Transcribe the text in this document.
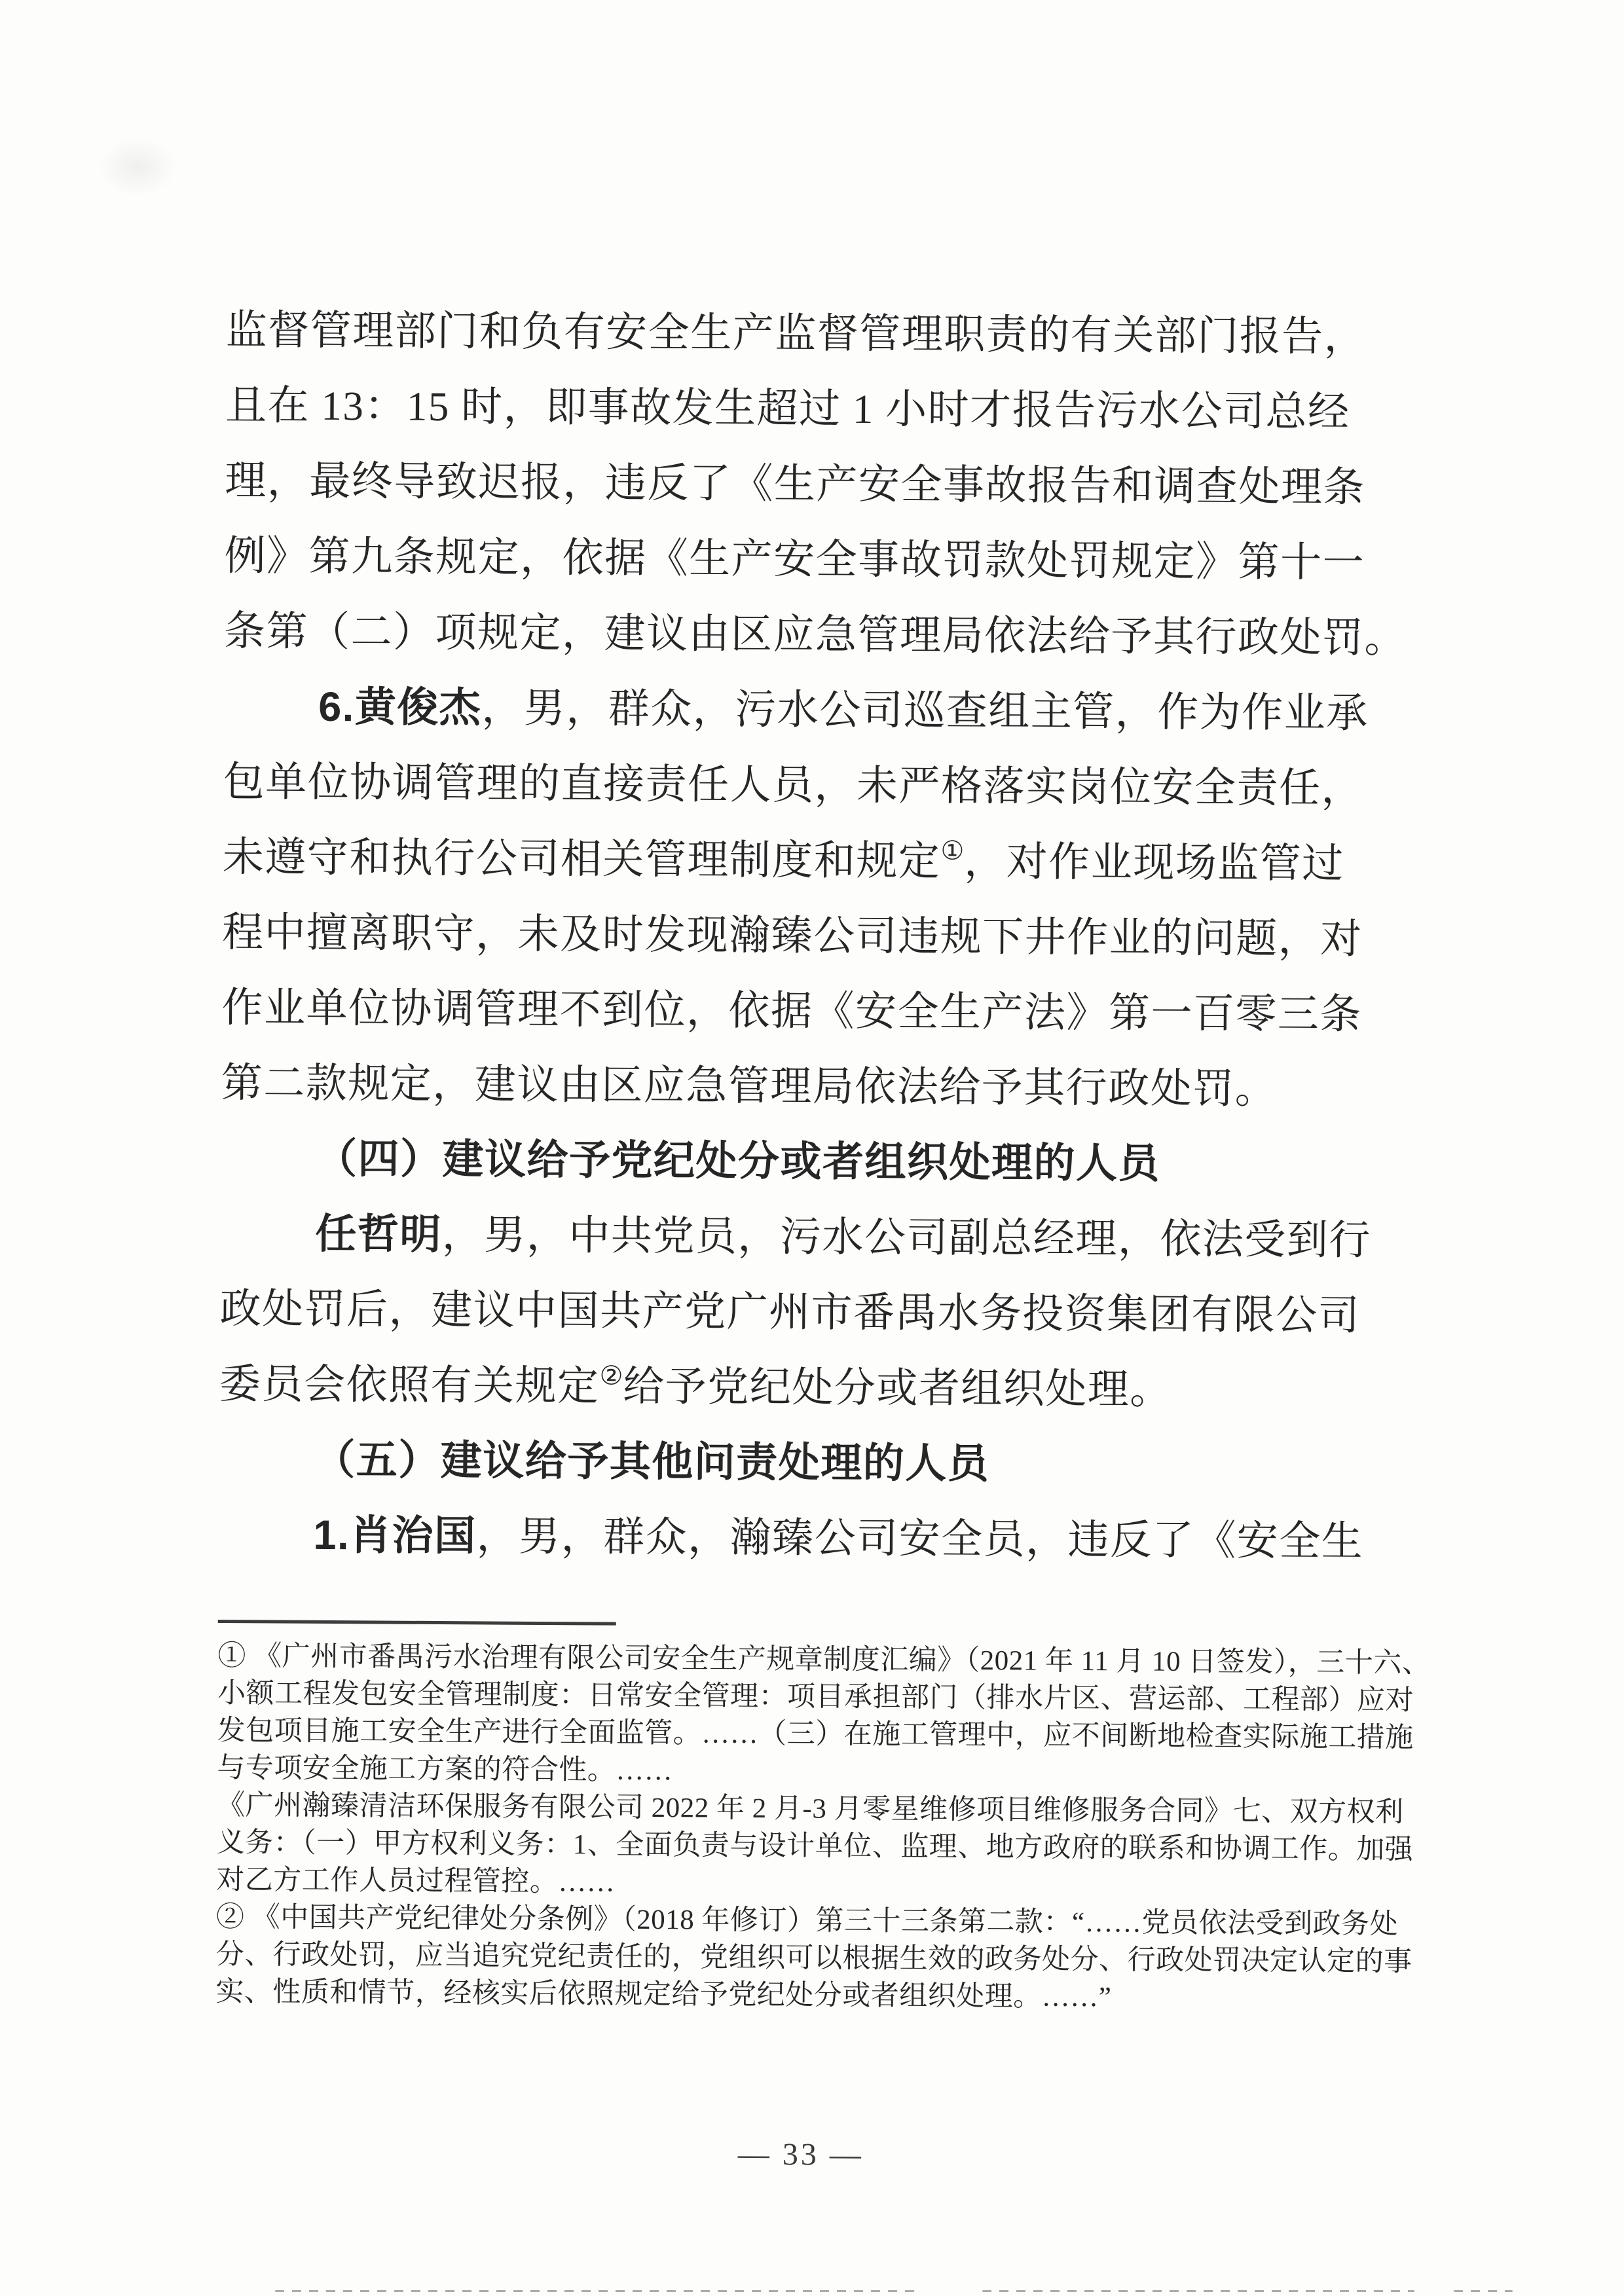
监督管理部门和负有安全生产监督管理职责的有关部门报告，
且在 13：15 时，即事故发生超过 1 小时才报告污水公司总经
理，最终导致迟报，违反了《生产安全事故报告和调查处理条
例》第九条规定，依据《生产安全事故罚款处罚规定》第十一
条第（二）项规定，建议由区应急管理局依法给予其行政处罚。
6.黄俊杰，男，群众，污水公司巡查组主管，作为作业承
包单位协调管理的直接责任人员，未严格落实岗位安全责任，
未遵守和执行公司相关管理制度和规定①，对作业现场监管过
程中擅离职守，未及时发现瀚臻公司违规下井作业的问题，对
作业单位协调管理不到位，依据《安全生产法》第一百零三条
第二款规定，建议由区应急管理局依法给予其行政处罚。
（四）建议给予党纪处分或者组织处理的人员
任哲明，男，中共党员，污水公司副总经理，依法受到行
政处罚后，建议中国共产党广州市番禺水务投资集团有限公司
委员会依照有关规定②给予党纪处分或者组织处理。
（五）建议给予其他问责处理的人员
1.肖治国，男，群众，瀚臻公司安全员，违反了《安全生
① 《广州市番禺污水治理有限公司安全生产规章制度汇编》（2021 年 11 月 10 日签发），三十六、
小额工程发包安全管理制度：日常安全管理：项目承担部门（排水片区、营运部、工程部）应对
发包项目施工安全生产进行全面监管。……（三）在施工管理中，应不间断地检查实际施工措施
与专项安全施工方案的符合性。……
《广州瀚臻清洁环保服务有限公司 2022 年 2 月-3 月零星维修项目维修服务合同》七、双方权利
义务：（一）甲方权利义务：1、全面负责与设计单位、监理、地方政府的联系和协调工作。加强
对乙方工作人员过程管控。……
② 《中国共产党纪律处分条例》（2018 年修订）第三十三条第二款：“……党员依法受到政务处
分、行政处罚，应当追究党纪责任的，党组织可以根据生效的政务处分、行政处罚决定认定的事
实、性质和情节，经核实后依照规定给予党纪处分或者组织处理。……”
— 33 —
